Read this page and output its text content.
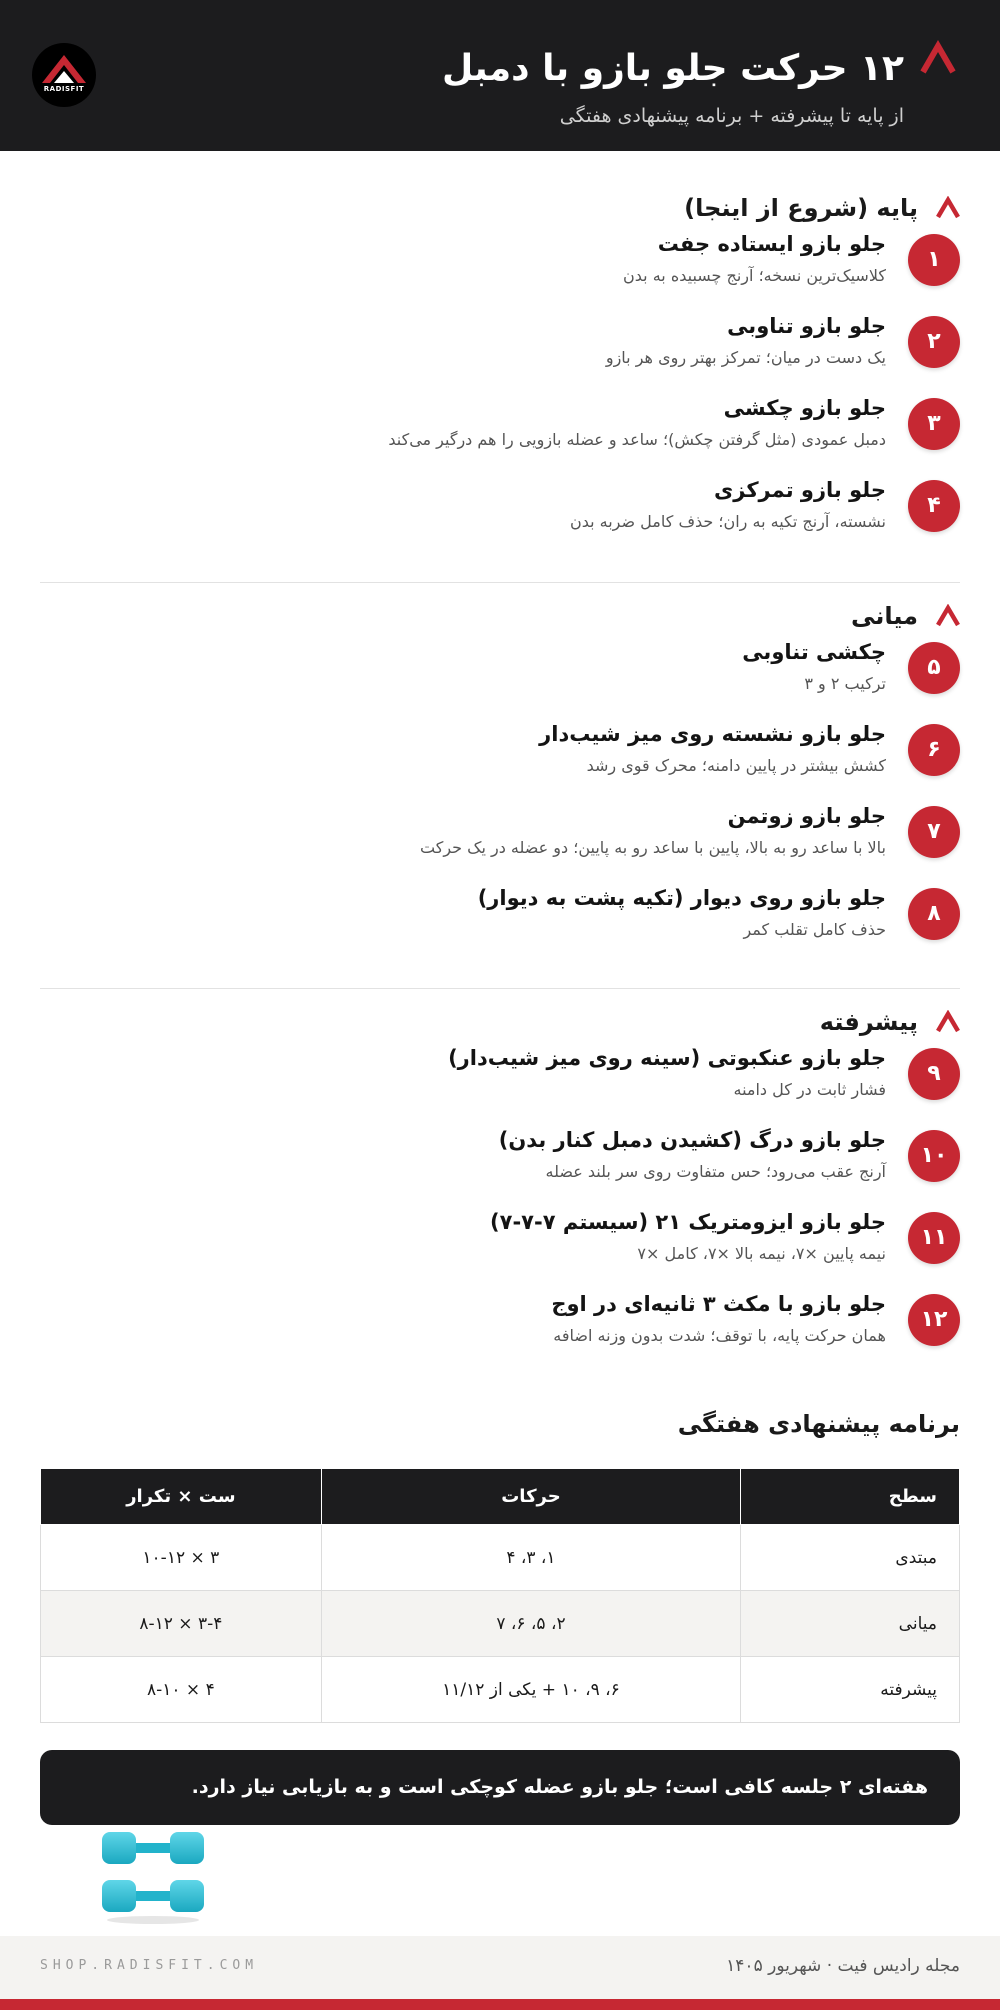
۱۲ حرکت جلو بازو با دمبل
از پایه تا پیشرفته + برنامه پیشنهادی هفتگی
RADISFIT
پایه (شروع از اینجا)
۱
جلو بازو ایستاده جفت
کلاسیک‌ترین نسخه؛ آرنج چسبیده به بدن
۲
جلو بازو تناوبی
یک دست در میان؛ تمرکز بهتر روی هر بازو
۳
جلو بازو چکشی
دمبل عمودی (مثل گرفتن چکش)؛ ساعد و عضله بازویی را هم درگیر می‌کند
۴
جلو بازو تمرکزی
نشسته، آرنج تکیه به ران؛ حذف کامل ضربه بدن
میانی
۵
چکشی تناوبی
ترکیب ۲ و ۳
۶
جلو بازو نشسته روی میز شیب‌دار
کشش بیشتر در پایین دامنه؛ محرک قوی رشد
۷
جلو بازو زوتمن
بالا با ساعد رو به بالا، پایین با ساعد رو به پایین؛ دو عضله در یک حرکت
۸
جلو بازو روی دیوار (تکیه پشت به دیوار)
حذف کامل تقلب کمر
پیشرفته
۹
جلو بازو عنکبوتی (سینه روی میز شیب‌دار)
فشار ثابت در کل دامنه
۱۰
جلو بازو درگ (کشیدن دمبل کنار بدن)
آرنج عقب می‌رود؛ حس متفاوت روی سر بلند عضله
۱۱
جلو بازو ایزومتریک ۲۱ (سیستم ۷-۷-۷)
نیمه پایین ×۷، نیمه بالا ×۷، کامل ×۷
۱۲
جلو بازو با مکث ۳ ثانیه‌ای در اوج
همان حرکت پایه، با توقف؛ شدت بدون وزنه اضافه
برنامه پیشنهادی هفتگی
سطح	حرکات	ست × تکرار
مبتدی	۱، ۳، ۴	۳ × ۱۰-۱۲
میانی	۲، ۵، ۶، ۷	۳-۴ × ۸-۱۲
پیشرفته	۶، ۹، ۱۰ + یکی از ۱۱/۱۲	۴ × ۸-۱۰
هفته‌ای ۲ جلسه کافی است؛ جلو بازو عضله کوچکی است و به بازیابی نیاز دارد.
SHOP.RADISFIT.COM	مجله رادیس فیت · شهریور ۱۴۰۵
